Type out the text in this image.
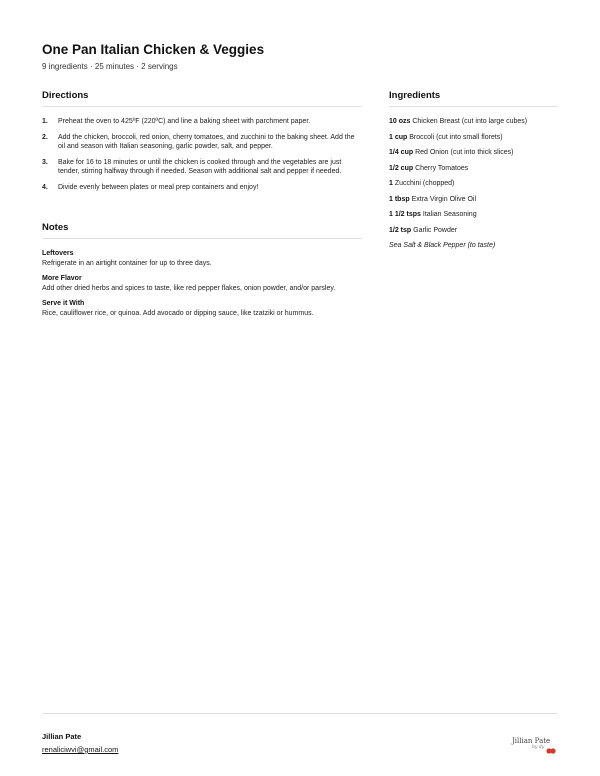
One Pan Italian Chicken & Veggies
9 ingredients · 25 minutes · 2 servings
Directions
1.	Preheat the oven to 425ºF (220ºC) and line a baking sheet with parchment paper.
2.	Add the chicken, broccoli, red onion, cherry tomatoes, and zucchini to the baking sheet. Add the oil and season with Italian seasoning, garlic powder, salt, and pepper.
3.	Bake for 16 to 18 minutes or until the chicken is cooked through and the vegetables are just tender, stirring halfway through if needed. Season with additional salt and pepper if needed.
4.	Divide evenly between plates or meal prep containers and enjoy!
Notes
Leftovers
Refrigerate in an airtight container for up to three days.
More Flavor
Add other dried herbs and spices to taste, like red pepper flakes, onion powder, and/or parsley.
Serve it With
Rice, cauliflower rice, or quinoa. Add avocado or dipping sauce, like tzatziki or hummus.
Ingredients
10 ozs Chicken Breast (cut into large cubes)
1 cup Broccoli (cut into small florets)
1/4 cup Red Onion (cut into thick slices)
1/2 cup Cherry Tomatoes
1 Zucchini (chopped)
1 tbsp Extra Virgin Olive Oil
1 1/2 tsps Italian Seasoning
1/2 tsp Garlic Powder
Sea Salt & Black Pepper (to taste)
Jillian Pate
renaliciwvi@gmail.com
Jillian Pate
by dy
